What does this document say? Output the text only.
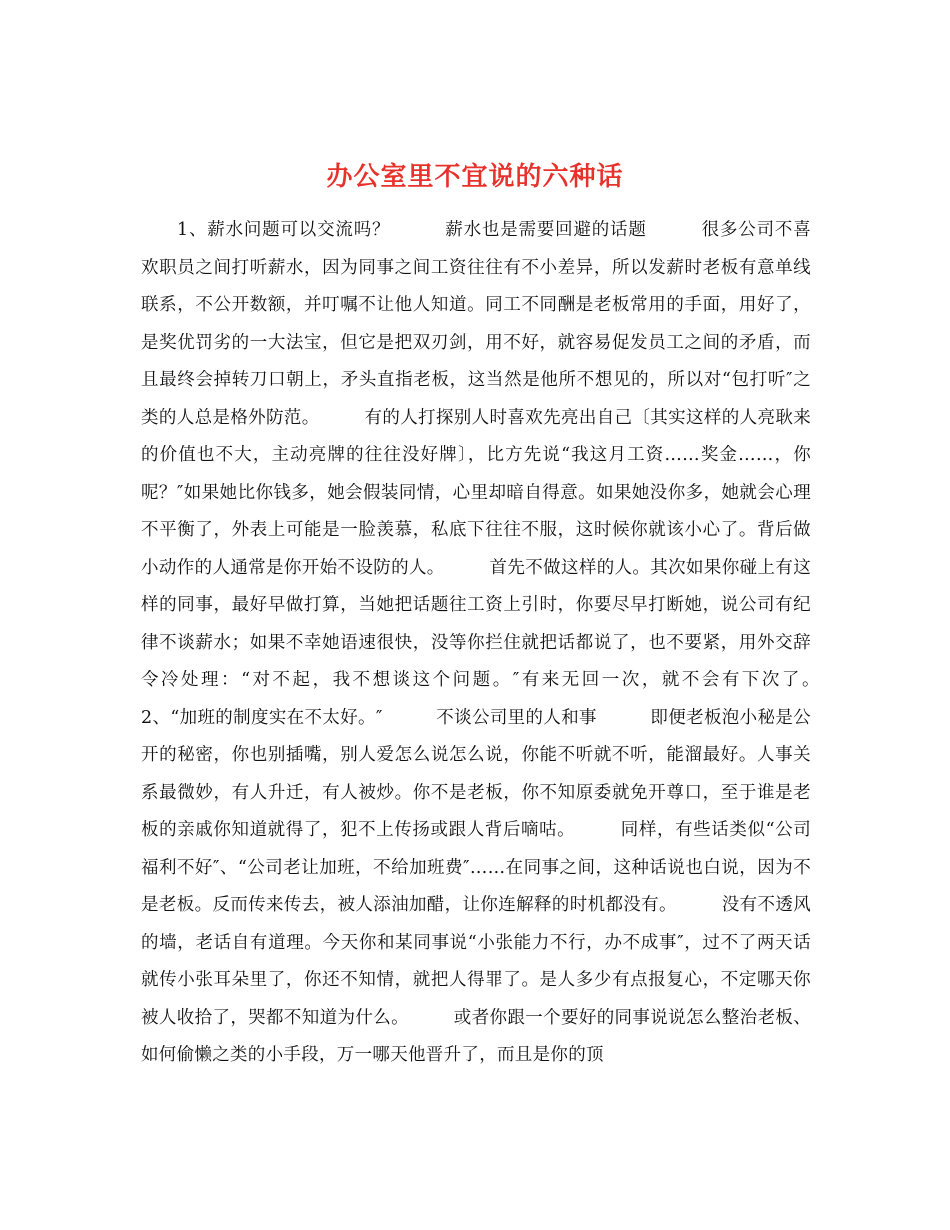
办公室里不宜说的六种话

1、薪水问题可以交流吗？　　　薪水也是需要回避的话题　　　很多公司不喜欢职员之间打听薪水，因为同事之间工资往往有不小差异，所以发薪时老板有意单线联系，不公开数额，并叮嘱不让他人知道。同工不同酬是老板常用的手面，用好了，是奖优罚劣的一大法宝，但它是把双刃剑，用不好，就容易促发员工之间的矛盾，而且最终会掉转刀口朝上，矛头直指老板，这当然是他所不想见的，所以对“包打听″之类的人总是格外防范。　　　有的人打探别人时喜欢先亮出自己〔其实这样的人亮耿来的价值也不大，主动亮牌的往往没好牌〕，比方先说“我这月工资……奖金……，你呢？″如果她比你钱多，她会假装同情，心里却暗自得意。如果她没你多，她就会心理不平衡了，外表上可能是一脸羡慕，私底下往往不服，这时候你就该小心了。背后做小动作的人通常是你开始不设防的人。　　　首先不做这样的人。其次如果你碰上有这样的同事，最好早做打算，当她把话题往工资上引时，你要尽早打断她，说公司有纪律不谈薪水；如果不幸她语速很快，没等你拦住就把话都说了，也不要紧，用外交辞令冷处理：“对不起，我不想谈这个问题。″有来无回一次，就不会有下次了。　　　2、“加班的制度实在不太好。″　　　不谈公司里的人和事　　　即便老板泡小秘是公开的秘密，你也别插嘴，别人爱怎么说怎么说，你能不听就不听，能溜最好。人事关系最微妙，有人升迁，有人被炒。你不是老板，你不知原委就免开尊口，至于谁是老板的亲戚你知道就得了，犯不上传扬或跟人背后嘀咕。　　　同样，有些话类似“公司福利不好″、“公司老让加班，不给加班费″……在同事之间，这种话说也白说，因为不是老板。反而传来传去，被人添油加醋，让你连解释的时机都没有。　　　没有不透风的墙，老话自有道理。今天你和某同事说“小张能力不行，办不成事″，过不了两天话就传小张耳朵里了，你还不知情，就把人得罪了。是人多少有点报复心，不定哪天你被人收拾了，哭都不知道为什么。　　　或者你跟一个要好的同事说说怎么整治老板、如何偷懒之类的小手段，万一哪天他晋升了，而且是你的顶
